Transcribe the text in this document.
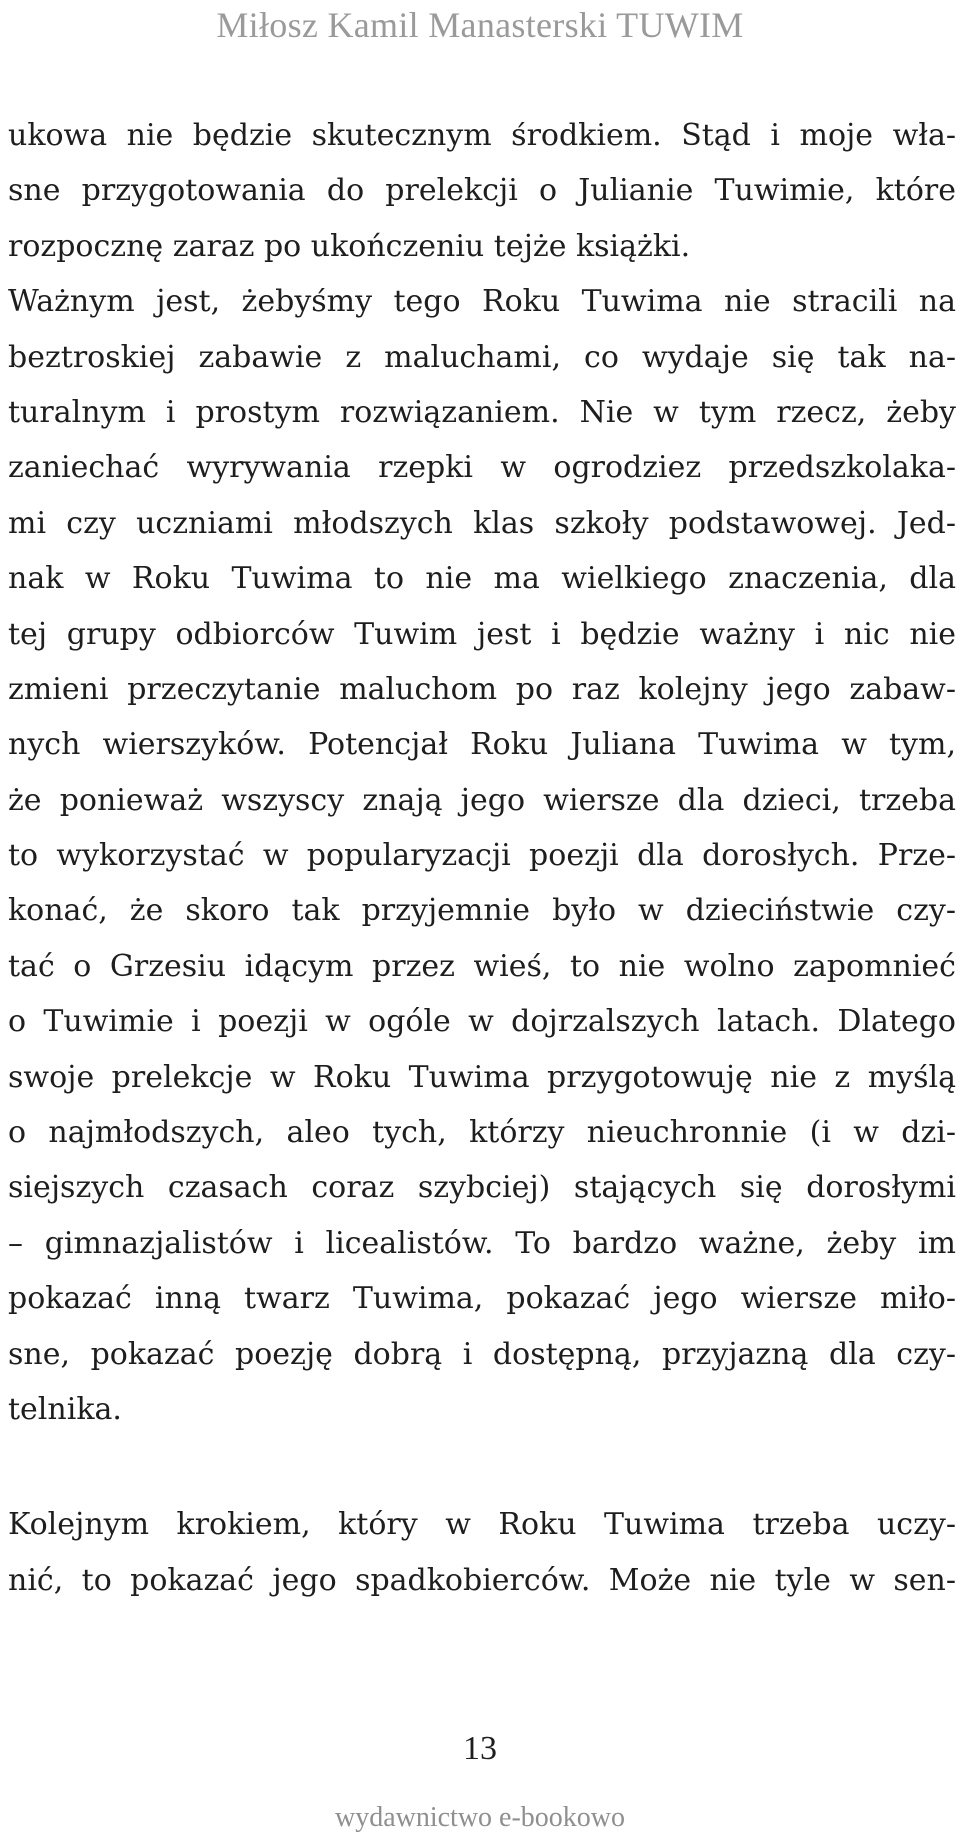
Miłosz Kamil Manasterski TUWIM
ukowa nie będzie skutecznym środkiem. Stąd i moje wła-
sne przygotowania do prelekcji o Julianie Tuwimie, które
rozpocznę zaraz po ukończeniu tejże książki.
Ważnym jest, żebyśmy tego Roku Tuwima nie stracili na
beztroskiej zabawie z maluchami, co wydaje się tak na-
turalnym i prostym rozwiązaniem. Nie w tym rzecz, żeby
zaniechać wyrywania rzepki w ogrodziez przedszkolaka-
mi czy uczniami młodszych klas szkoły podstawowej. Jed-
nak w Roku Tuwima to nie ma wielkiego znaczenia, dla
tej grupy odbiorców Tuwim jest i będzie ważny i nic nie
zmieni przeczytanie maluchom po raz kolejny jego zabaw-
nych wierszyków. Potencjał Roku Juliana Tuwima w tym,
że ponieważ wszyscy znają jego wiersze dla dzieci, trzeba
to wykorzystać w popularyzacji poezji dla dorosłych. Prze-
konać, że skoro tak przyjemnie było w dzieciństwie czy-
tać o Grzesiu idącym przez wieś, to nie wolno zapomnieć
o Tuwimie i poezji w ogóle w dojrzalszych latach. Dlatego
swoje prelekcje w Roku Tuwima przygotowuję nie z myślą
o najmłodszych, aleo tych, którzy nieuchronnie (i w dzi-
siejszych czasach coraz szybciej) stających się dorosłymi
– gimnazjalistów i licealistów. To bardzo ważne, żeby im
pokazać inną twarz Tuwima, pokazać jego wiersze miło-
sne, pokazać poezję dobrą i dostępną, przyjazną dla czy-
telnika.
Kolejnym krokiem, który w Roku Tuwima trzeba uczy-
nić, to pokazać jego spadkobierców. Może nie tyle w sen-
13
wydawnictwo e-bookowo
